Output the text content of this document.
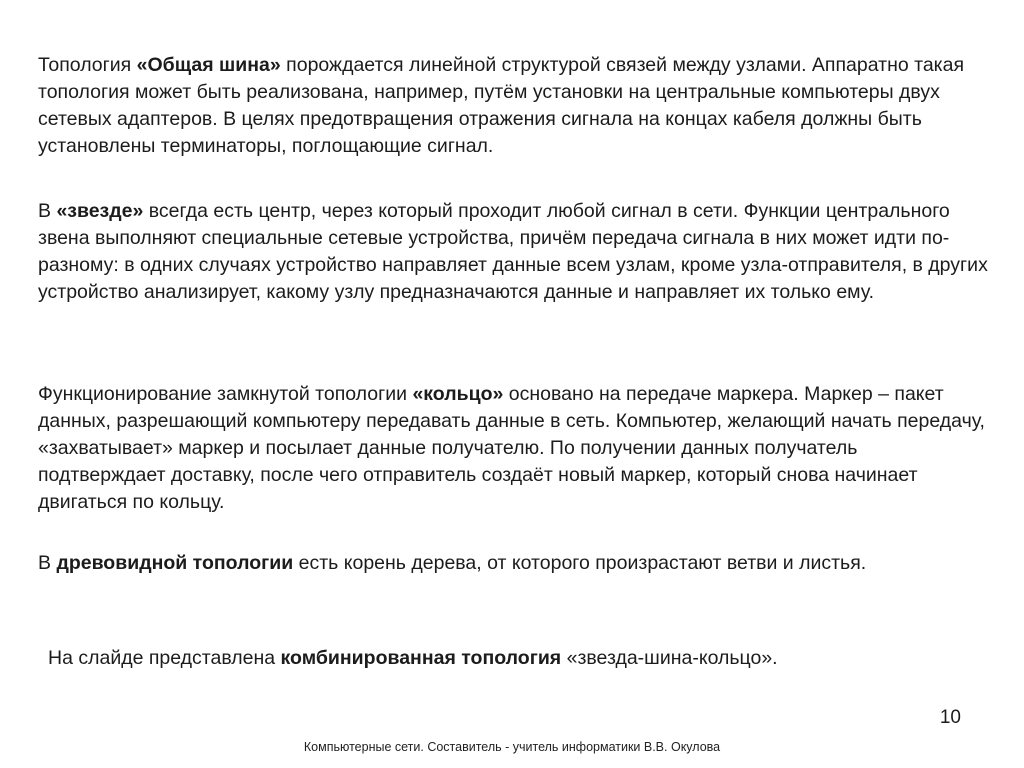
Топология «Общая шина» порождается линейной структурой связей между узлами. Аппаратно такая топология может быть реализована, например, путём установки на центральные компьютеры двух сетевых адаптеров. В целях предотвращения отражения сигнала на концах кабеля должны быть установлены терминаторы, поглощающие сигнал.

В «звезде» всегда есть центр, через который проходит любой сигнал в сети. Функции центрального звена выполняют специальные сетевые устройства, причём передача сигнала в них может идти по-разному: в одних случаях устройство направляет данные всем узлам, кроме узла-отправителя, в других устройство анализирует, какому узлу предназначаются данные и направляет их только ему.

Функционирование замкнутой топологии «кольцо» основано на передаче маркера. Маркер – пакет данных, разрешающий компьютеру передавать данные в сеть. Компьютер, желающий начать передачу, «захватывает» маркер и посылает данные получателю. По получении данных получатель подтверждает доставку, после чего отправитель создаёт новый маркер, который снова начинает двигаться по кольцу.

В древовидной топологии есть корень дерева, от которого произрастают ветви и листья.

На слайде представлена комбинированная топология «звезда-шина-кольцо».

10
Компьютерные сети. Составитель - учитель информатики В.В. Окулова
